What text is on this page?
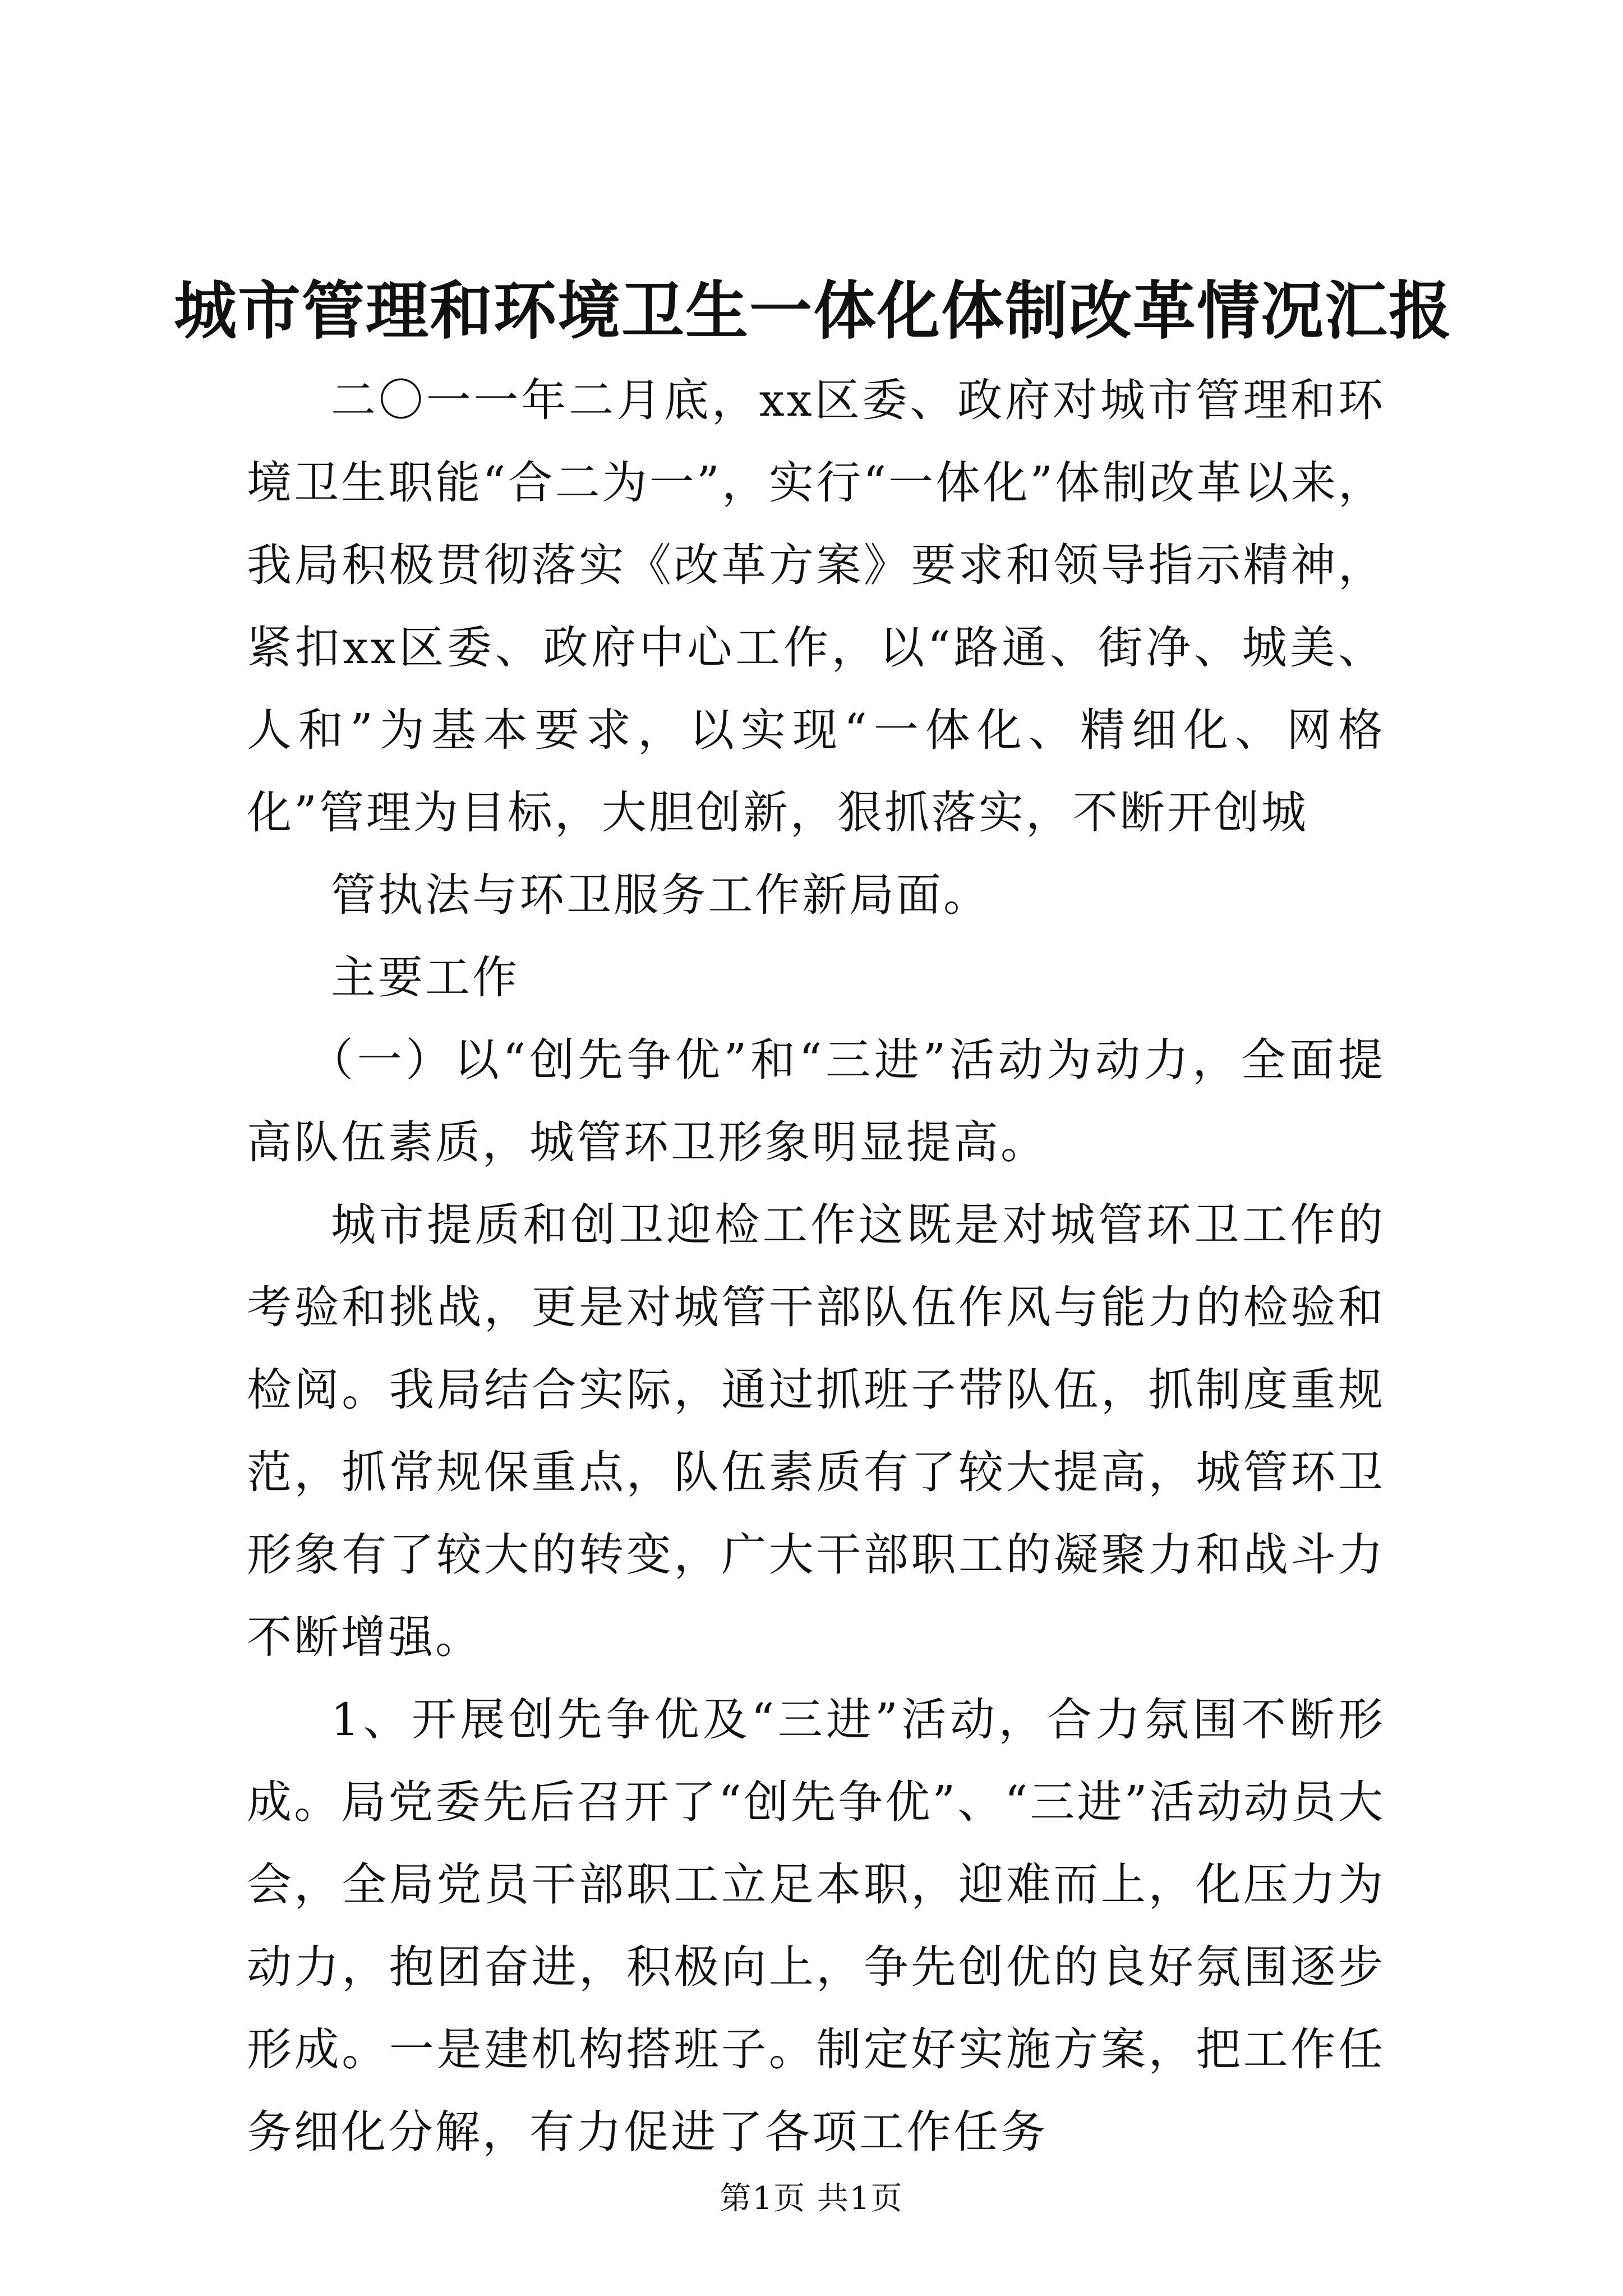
城市管理和环境卫生一体化体制改革情况汇报

二〇一一年二月底，xx区委、政府对城市管理和环境卫生职能“合二为一”，实行“一体化”体制改革以来，我局积极贯彻落实《改革方案》要求和领导指示精神，紧扣xx区委、政府中心工作，以“路通、街净、城美、人和”为基本要求，以实现“一体化、精细化、网格化”管理为目标，大胆创新，狠抓落实，不断开创城

管执法与环卫服务工作新局面。

主要工作

（一）以“创先争优”和“三进”活动为动力，全面提高队伍素质，城管环卫形象明显提高。

城市提质和创卫迎检工作这既是对城管环卫工作的考验和挑战，更是对城管干部队伍作风与能力的检验和检阅。我局结合实际，通过抓班子带队伍，抓制度重规范，抓常规保重点，队伍素质有了较大提高，城管环卫形象有了较大的转变，广大干部职工的凝聚力和战斗力不断增强。

1、开展创先争优及“三进”活动，合力氛围不断形成。局党委先后召开了“创先争优”、“三进”活动动员大会，全局党员干部职工立足本职，迎难而上，化压力为动力，抱团奋进，积极向上，争先创优的良好氛围逐步形成。一是建机构搭班子。制定好实施方案，把工作任务细化分解，有力促进了各项工作任务

第1页 共1页
